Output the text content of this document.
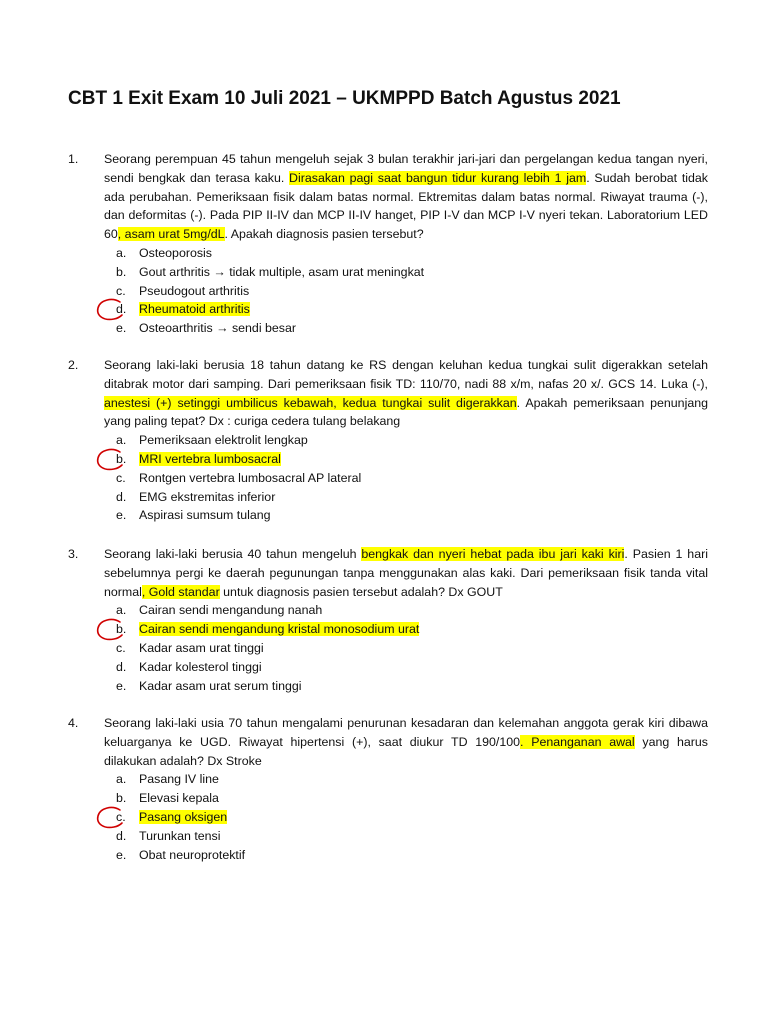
CBT 1 Exit Exam 10 Juli 2021 – UKMPPD Batch Agustus 2021
1.	Seorang perempuan 45 tahun mengeluh sejak 3 bulan terakhir jari-jari dan pergelangan kedua tangan nyeri, sendi bengkak dan terasa kaku. Dirasakan pagi saat bangun tidur kurang lebih 1 jam. Sudah berobat tidak ada perubahan. Pemeriksaan fisik dalam batas normal. Ektremitas dalam batas normal. Riwayat trauma (-), dan deformitas (-). Pada PIP II-IV dan MCP II-IV hanget, PIP I-V dan MCP I-V nyeri tekan. Laboratorium LED 60, asam urat 5mg/dL. Apakah diagnosis pasien tersebut?
a. Osteoporosis
b. Gout arthritis → tidak multiple, asam urat meningkat
c. Pseudogout arthritis
d. Rheumatoid arthritis
e. Osteoarthritis → sendi besar
2.	Seorang laki-laki berusia 18 tahun datang ke RS dengan keluhan kedua tungkai sulit digerakkan setelah ditabrak motor dari samping. Dari pemeriksaan fisik TD: 110/70, nadi 88 x/m, nafas 20 x/. GCS 14. Luka (-), anestesi (+) setinggi umbilicus kebawah, kedua tungkai sulit digerakkan. Apakah pemeriksaan penunjang yang paling tepat? Dx : curiga cedera tulang belakang
a. Pemeriksaan elektrolit lengkap
b. MRI vertebra lumbosacral
c. Rontgen vertebra lumbosacral AP lateral
d. EMG ekstremitas inferior
e. Aspirasi sumsum tulang
3.	Seorang laki-laki berusia 40 tahun mengeluh bengkak dan nyeri hebat pada ibu jari kaki kiri. Pasien 1 hari sebelumnya pergi ke daerah pegunungan tanpa menggunakan alas kaki. Dari pemeriksaan fisik tanda vital normal, Gold standar untuk diagnosis pasien tersebut adalah? Dx GOUT
a. Cairan sendi mengandung nanah
b. Cairan sendi mengandung kristal monosodium urat
c. Kadar asam urat tinggi
d. Kadar kolesterol tinggi
e. Kadar asam urat serum tinggi
4.	Seorang laki-laki usia 70 tahun mengalami penurunan kesadaran dan kelemahan anggota gerak kiri dibawa keluarganya ke UGD. Riwayat hipertensi (+), saat diukur TD 190/100. Penanganan awal yang harus dilakukan adalah? Dx Stroke
a. Pasang IV line
b. Elevasi kepala
c. Pasang oksigen
d. Turunkan tensi
e. Obat neuroprotektif
